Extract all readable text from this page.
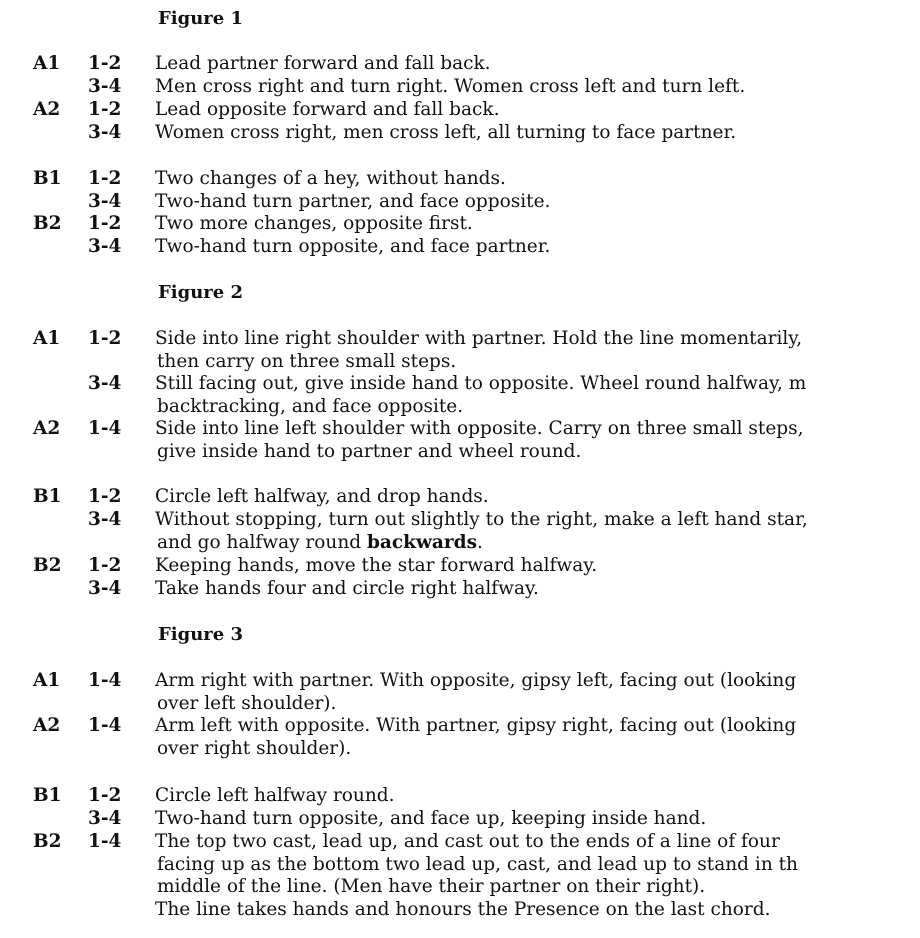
Figure 1
A1 1-2 Lead partner forward and fall back.
3-4 Men cross right and turn right. Women cross left and turn left.
A2 1-2 Lead opposite forward and fall back.
3-4 Women cross right, men cross left, all turning to face partner.
B1 1-2 Two changes of a hey, without hands.
3-4 Two-hand turn partner, and face opposite.
B2 1-2 Two more changes, opposite first.
3-4 Two-hand turn opposite, and face partner.
Figure 2
A1 1-2 Side into line right shoulder with partner. Hold the line momentarily,
then carry on three small steps.
3-4 Still facing out, give inside hand to opposite. Wheel round halfway, m
backtracking, and face opposite.
A2 1-4 Side into line left shoulder with opposite. Carry on three small steps,
give inside hand to partner and wheel round.
B1 1-2 Circle left halfway, and drop hands.
3-4 Without stopping, turn out slightly to the right, make a left hand star,
and go halfway round backwards.
B2 1-2 Keeping hands, move the star forward halfway.
3-4 Take hands four and circle right halfway.
Figure 3
A1 1-4 Arm right with partner. With opposite, gipsy left, facing out (looking
over left shoulder).
A2 1-4 Arm left with opposite. With partner, gipsy right, facing out (looking
over right shoulder).
B1 1-2 Circle left halfway round.
3-4 Two-hand turn opposite, and face up, keeping inside hand.
B2 1-4 The top two cast, lead up, and cast out to the ends of a line of four
facing up as the bottom two lead up, cast, and lead up to stand in th
middle of the line. (Men have their partner on their right).
The line takes hands and honours the Presence on the last chord.
